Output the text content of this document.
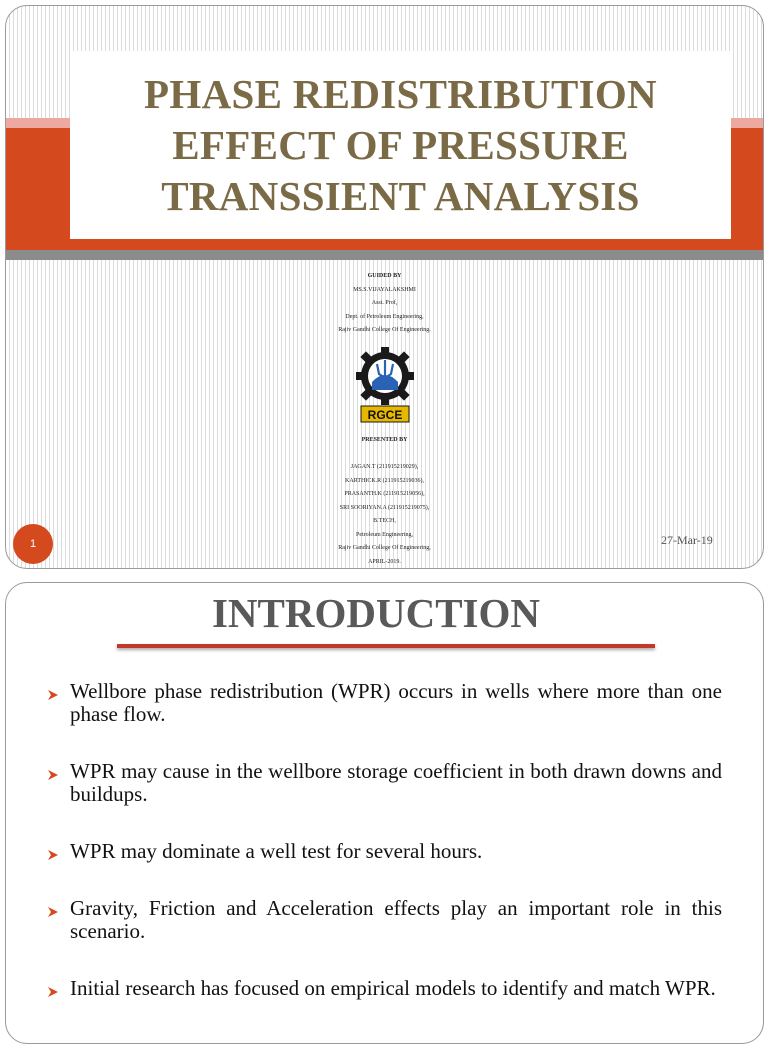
PHASE REDISTRIBUTION
EFFECT OF PRESSURE
TRANSSIENT ANALYSIS
GUIDED BY
MS.S.VIJAYALAKSHMI
Asst. Prof,
Dept. of Petroleum Engineering,
Rajiv Gandhi College Of Engineering.
RGCE
PRESENTED BY
JAGAN.T (211915219029),
KARTHICK.R (211915219036),
PRASANTH.K (211915219056),
SRI SOORIYAN.A (211915219075),
B.TECH,
Petroleum Engineering,
Rajiv Gandhi College Of Engineering,
APRIL-2019.
1	27-Mar-19
INTRODUCTION
Wellbore phase redistribution (WPR) occurs in wells where more than one phase flow.
WPR may cause in the wellbore storage coefficient in both drawn downs and buildups.
WPR may dominate a well test for several hours.
Gravity, Friction and Acceleration effects play an important role in this scenario.
Initial research has focused on empirical models to identify and match WPR.
